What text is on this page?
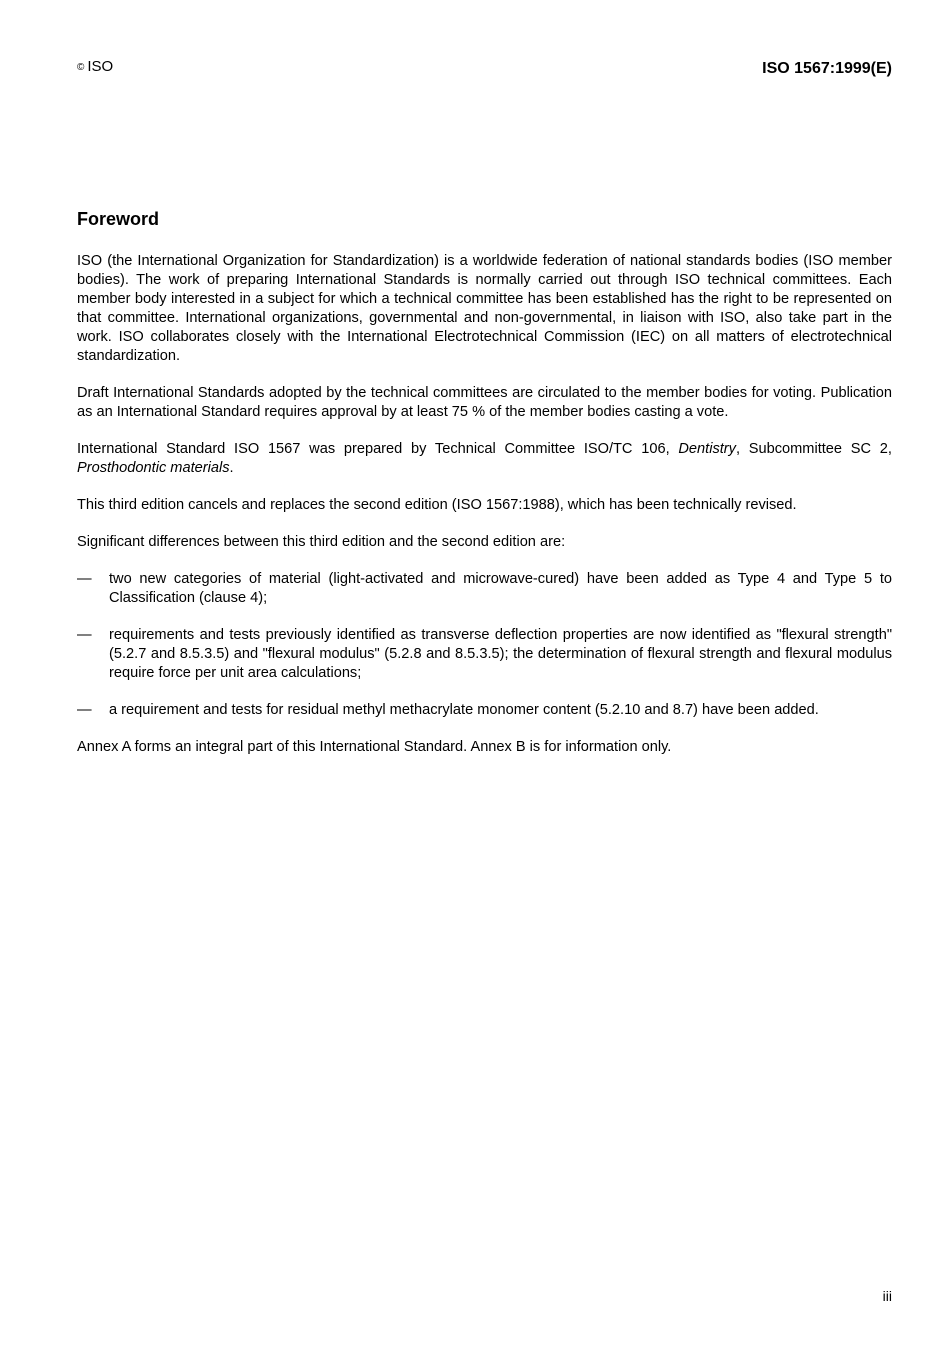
© ISO	ISO 1567:1999(E)
Foreword

ISO (the International Organization for Standardization) is a worldwide federation of national standards bodies (ISO member bodies). The work of preparing International Standards is normally carried out through ISO technical committees. Each member body interested in a subject for which a technical committee has been established has the right to be represented on that committee. International organizations, governmental and non-governmental, in liaison with ISO, also take part in the work. ISO collaborates closely with the International Electrotechnical Commission (IEC) on all matters of electrotechnical standardization.

Draft International Standards adopted by the technical committees are circulated to the member bodies for voting. Publication as an International Standard requires approval by at least 75 % of the member bodies casting a vote.

International Standard ISO 1567 was prepared by Technical Committee ISO/TC 106, Dentistry, Subcommittee SC 2, Prosthodontic materials.

This third edition cancels and replaces the second edition (ISO 1567:1988), which has been technically revised.

Significant differences between this third edition and the second edition are:

— two new categories of material (light-activated and microwave-cured) have been added as Type 4 and Type 5 to Classification (clause 4);
— requirements and tests previously identified as transverse deflection properties are now identified as "flexural strength" (5.2.7 and 8.5.3.5) and "flexural modulus" (5.2.8 and 8.5.3.5); the determination of flexural strength and flexural modulus require force per unit area calculations;
— a requirement and tests for residual methyl methacrylate monomer content (5.2.10 and 8.7) have been added.

Annex A forms an integral part of this International Standard. Annex B is for information only.

iii
